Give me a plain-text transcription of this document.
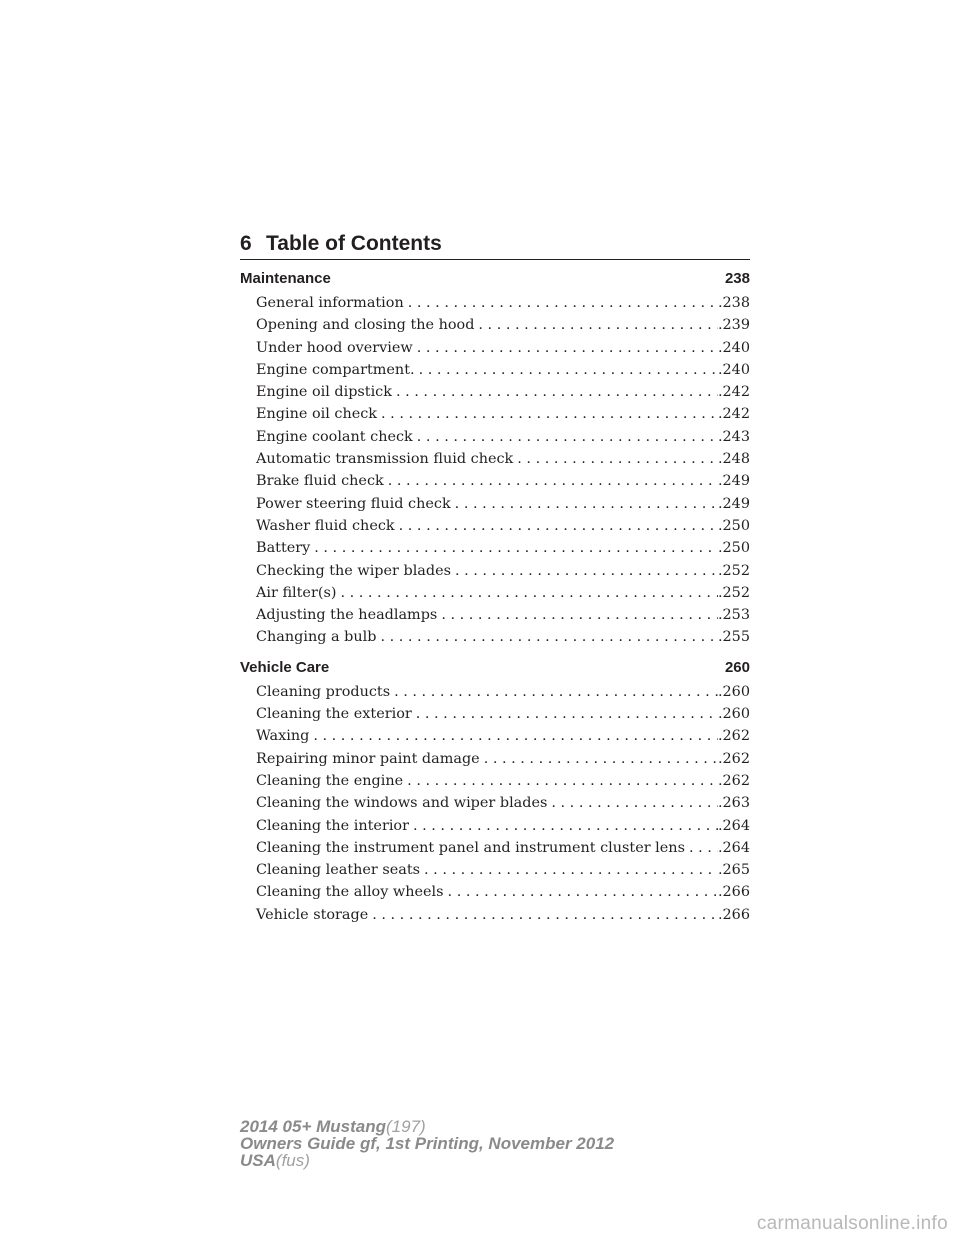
6 Table of Contents
Maintenance	238
General information . . .	.238
Opening and closing the hood . . .	.239
Under hood overview . . .	.240
Engine compartment. . . .	.240
Engine oil dipstick . . .	.242
Engine oil check . . .	.242
Engine coolant check . . .	.243
Automatic transmission fluid check . . .	.248
Brake fluid check . . .	.249
Power steering fluid check . . .	.249
Washer fluid check . . .	.250
Battery . . .	.250
Checking the wiper blades . . .	.252
Air filter(s) . . .	.252
Adjusting the headlamps . . .	.253
Changing a bulb . . .	.255
Vehicle Care	260
Cleaning products . . .	.260
Cleaning the exterior . . .	.260
Waxing . . .	.262
Repairing minor paint damage . . .	.262
Cleaning the engine . . .	.262
Cleaning the windows and wiper blades . . .	.263
Cleaning the interior . . .	.264
Cleaning the instrument panel and instrument cluster lens . . . .264
Cleaning leather seats . . .	.265
Cleaning the alloy wheels . . .	.266
Vehicle storage . . .	.266
2014 05+ Mustang(197)
Owners Guide gf, 1st Printing, November 2012
USA(fus)
carmanualsonline.info
